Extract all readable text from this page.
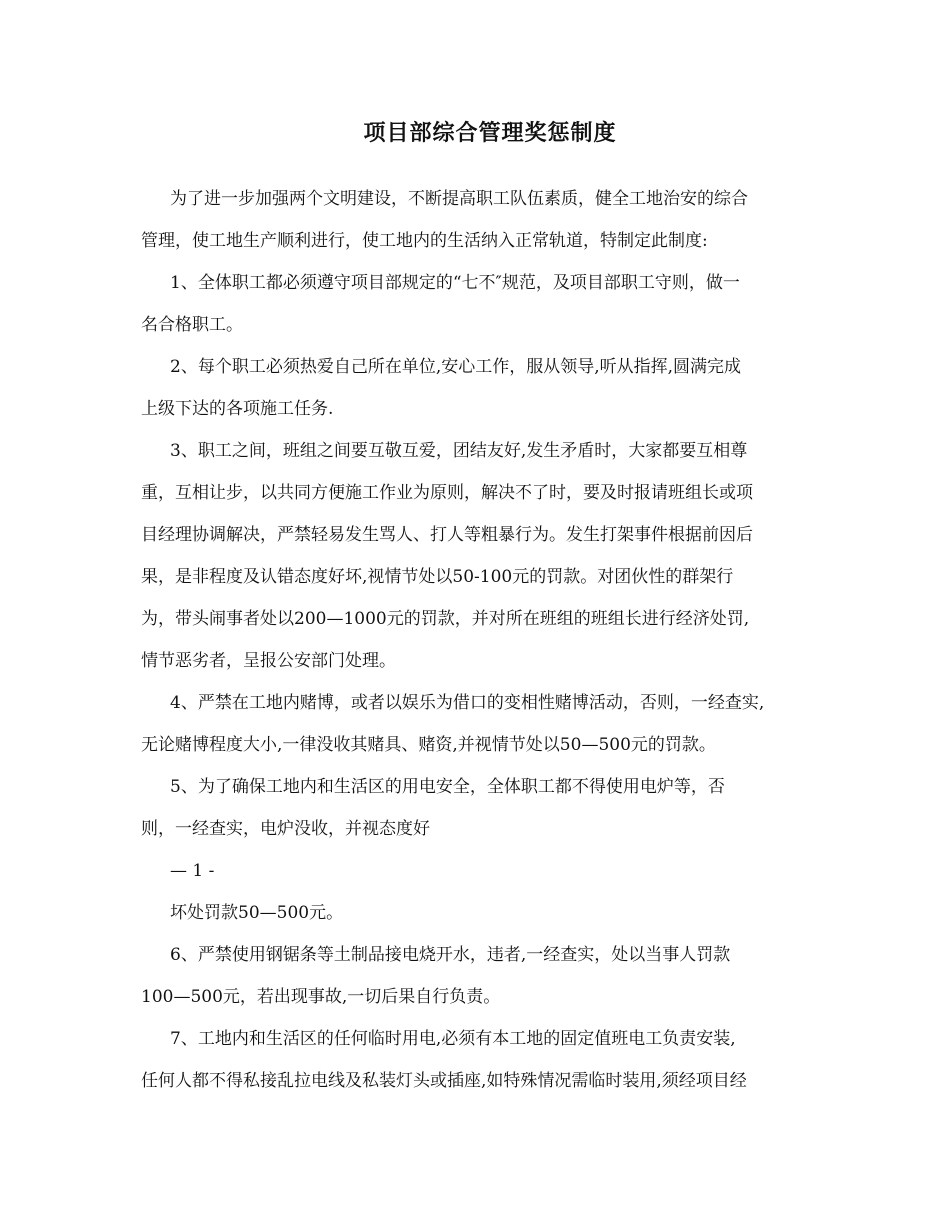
项目部综合管理奖惩制度
为了进一步加强两个文明建设，不断提高职工队伍素质，健全工地治安的综合
管理，使工地生产顺利进行，使工地内的生活纳入正常轨道，特制定此制度:
1、全体职工都必须遵守项目部规定的“七不″规范，及项目部职工守则，做一
名合格职工。
2、每个职工必须热爱自己所在单位,安心工作，服从领导,听从指挥,圆满完成
上级下达的各项施工任务.
3、职工之间，班组之间要互敬互爱，团结友好,发生矛盾时，大家都要互相尊
重，互相让步，以共同方便施工作业为原则，解决不了时，要及时报请班组长或项
目经理协调解决，严禁轻易发生骂人、打人等粗暴行为。发生打架事件根据前因后
果，是非程度及认错态度好坏,视情节处以50-100元的罚款。对团伙性的群架行
为，带头闹事者处以200—1000元的罚款，并对所在班组的班组长进行经济处罚,
情节恶劣者，呈报公安部门处理。
4、严禁在工地内赌博，或者以娱乐为借口的变相性赌博活动，否则，一经查实,
无论赌博程度大小,一律没收其赌具、赌资,并视情节处以50—500元的罚款。
5、为了确保工地内和生活区的用电安全，全体职工都不得使用电炉等，否
则，一经查实，电炉没收，并视态度好
— 1 -
坏处罚款50—500元。
6、严禁使用钢锯条等土制品接电烧开水，违者,一经查实，处以当事人罚款
100—500元，若出现事故,一切后果自行负责。
7、工地内和生活区的任何临时用电,必须有本工地的固定值班电工负责安装,
任何人都不得私接乱拉电线及私装灯头或插座,如特殊情况需临时装用,须经项目经
